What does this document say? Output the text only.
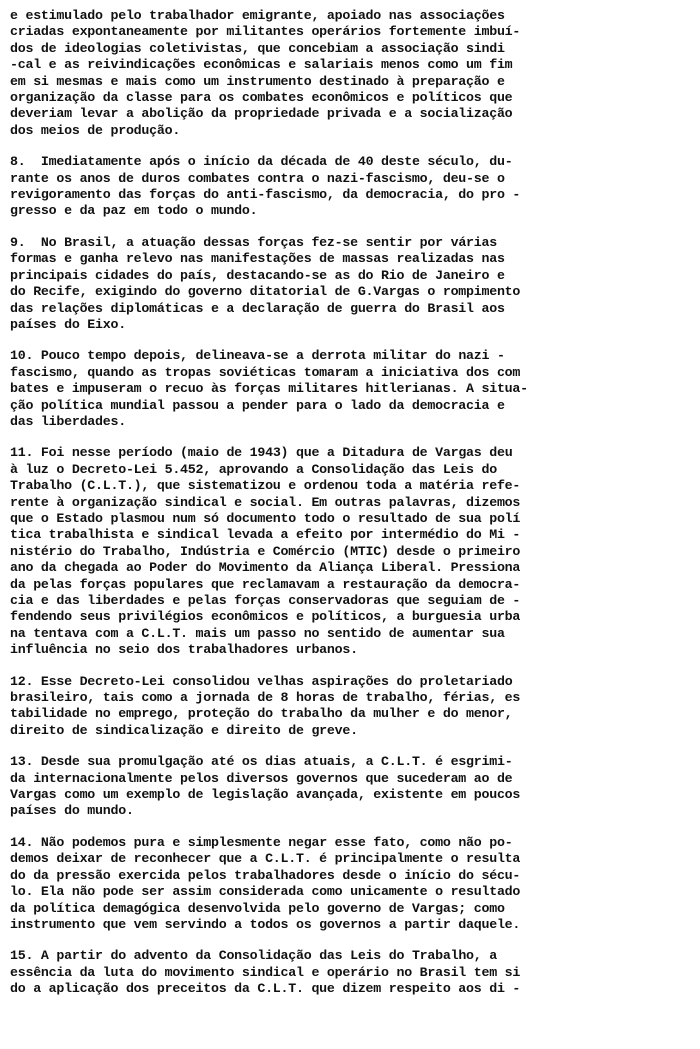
e estimulado pelo trabalhador emigrante, apoiado nas associações
criadas expontaneamente por militantes operários fortemente imbuí-
dos de ideologias coletivistas, que concebiam a associação sindi
-cal e as reivindicações econômicas e salariais menos como um fim
em si mesmas e mais como um instrumento destinado à preparação e
organização da classe para os combates econômicos e políticos que
deveriam levar a abolição da propriedade privada e a socialização
dos meios de produção.
8.  Imediatamente após o início da década de 40 deste século, du-
rante os anos de duros combates contra o nazi-fascismo, deu-se o
revigoramento das forças do anti-fascismo, da democracia, do pro -
gresso e da paz em todo o mundo.
9.  No Brasil, a atuação dessas forças fez-se sentir por várias
formas e ganha relevo nas manifestações de massas realizadas nas
principais cidades do país, destacando-se as do Rio de Janeiro e
do Recife, exigindo do governo ditatorial de G.Vargas o rompimento
das relações diplomáticas e a declaração de guerra do Brasil aos
países do Eixo.
10. Pouco tempo depois, delineava-se a derrota militar do nazi -
fascismo, quando as tropas soviéticas tomaram a iniciativa dos com
bates e impuseram o recuo às forças militares hitlerianas. A situa-
ção política mundial passou a pender para o lado da democracia e
das liberdades.
11. Foi nesse período (maio de 1943) que a Ditadura de Vargas deu
à luz o Decreto-Lei 5.452, aprovando a Consolidação das Leis do
Trabalho (C.L.T.), que sistematizou e ordenou toda a matéria refe-
rente à organização sindical e social. Em outras palavras, dizemos
que o Estado plasmou num só documento todo o resultado de sua polí
tica trabalhista e sindical levada a efeito por intermédio do Mi -
nistério do Trabalho, Indústria e Comércio (MTIC) desde o primeiro
ano da chegada ao Poder do Movimento da Aliança Liberal. Pressiona
da pelas forças populares que reclamavam a restauração da democra-
cia e das liberdades e pelas forças conservadoras que seguiam de -
fendendo seus privilégios econômicos e políticos, a burguesia urba
na tentava com a C.L.T. mais um passo no sentido de aumentar sua
influência no seio dos trabalhadores urbanos.
12. Esse Decreto-Lei consolidou velhas aspirações do proletariado
brasileiro, tais como a jornada de 8 horas de trabalho, férias, es
tabilidade no emprego, proteção do trabalho da mulher e do menor,
direito de sindicalização e direito de greve.
13. Desde sua promulgação até os dias atuais, a C.L.T. é esgrimi-
da internacionalmente pelos diversos governos que sucederam ao de
Vargas como um exemplo de legislação avançada, existente em poucos
países do mundo.
14. Não podemos pura e simplesmente negar esse fato, como não po-
demos deixar de reconhecer que a C.L.T. é principalmente o resulta
do da pressão exercida pelos trabalhadores desde o início do sécu-
lo. Ela não pode ser assim considerada como unicamente o resultado
da política demagógica desenvolvida pelo governo de Vargas; como
instrumento que vem servindo a todos os governos a partir daquele.
15. A partir do advento da Consolidação das Leis do Trabalho, a
essência da luta do movimento sindical e operário no Brasil tem si
do a aplicação dos preceitos da C.L.T. que dizem respeito aos di -
